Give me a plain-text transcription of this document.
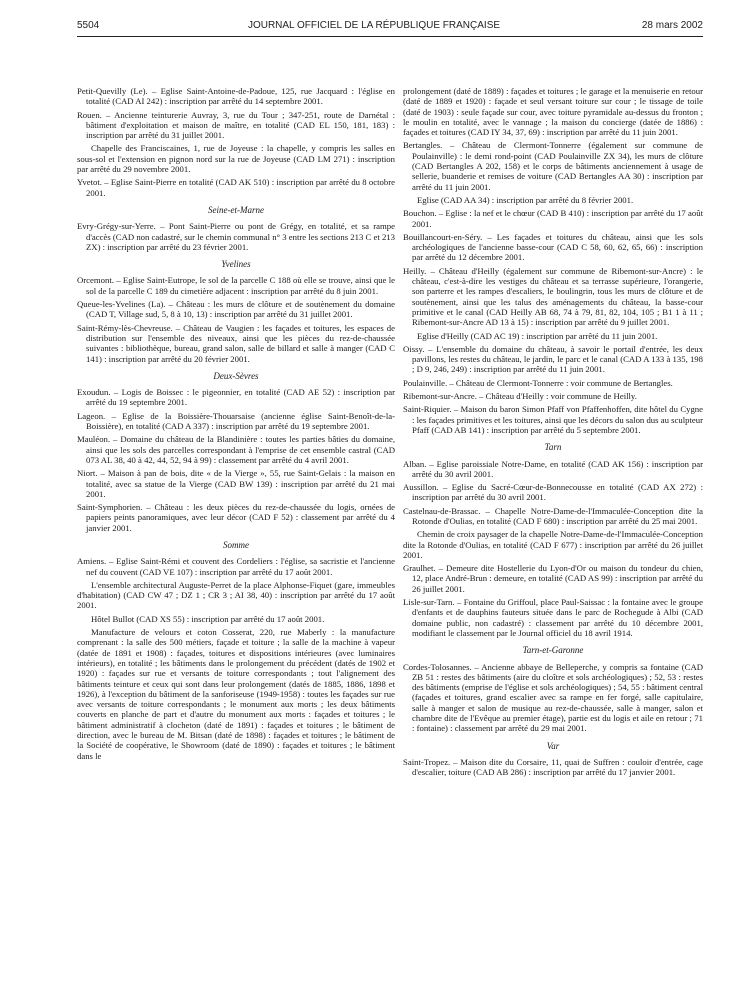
5504	JOURNAL OFFICIEL DE LA RÉPUBLIQUE FRANÇAISE	28 mars 2002

Petit-Quevilly (Le). – Eglise Saint-Antoine-de-Padoue, 125, rue Jacquard : l'église en totalité (CAD AI 242) : inscription par arrêté du 14 septembre 2001.

Rouen. – Ancienne teinturerie Auvray, 3, rue du Tour ; 347-251, route de Darnétal : bâtiment d'exploitation et maison de maître, en totalité (CAD EL 150, 181, 183) : inscription par arrêté du 31 juillet 2001.

Chapelle des Franciscaines, 1, rue de Joyeuse : la chapelle, y compris les salles en sous-sol et l'extension en pignon nord sur la rue de Joyeuse (CAD LM 271) : inscription par arrêté du 29 novembre 2001.

Yvetot. – Eglise Saint-Pierre en totalité (CAD AK 510) : inscription par arrêté du 8 octobre 2001.

Seine-et-Marne

Evry-Grégy-sur-Yerre. – Pont Saint-Pierre ou pont de Grégy, en totalité, et sa rampe d'accès (CAD non cadastré, sur le chemin communal n° 3 entre les sections 213 C et 213 ZX) : inscription par arrêté du 23 février 2001.

Yvelines

Orcemont. – Eglise Saint-Eutrope, le sol de la parcelle C 188 où elle se trouve, ainsi que le sol de la parcelle C 189 du cimetière adjacent : inscription par arrêté du 8 juin 2001.

Queue-les-Yvelines (La). – Château : les murs de clôture et de soutènement du domaine (CAD T, Village sud, 5, 8 à 10, 13) : inscription par arrêté du 31 juillet 2001.

Saint-Rémy-lès-Chevreuse. – Château de Vaugien : les façades et toitures, les espaces de distribution sur l'ensemble des niveaux, ainsi que les pièces du rez-de-chaussée suivantes : bibliothèque, bureau, grand salon, salle de billard et salle à manger (CAD C 141) : inscription par arrêté du 20 février 2001.

Deux-Sèvres

Exoudun. – Logis de Boissec : le pigeonnier, en totalité (CAD AE 52) : inscription par arrêté du 19 septembre 2001.

Lageon. – Eglise de la Boissière-Thouarsaise (ancienne église Saint-Benoît-de-la-Boissière), en totalité (CAD A 337) : inscription par arrêté du 19 septembre 2001.

Mauléon. – Domaine du château de la Blandinière : toutes les parties bâties du domaine, ainsi que les sols des parcelles correspondant à l'emprise de cet ensemble castral (CAD 073 AL 38, 40 à 42, 44, 52, 94 à 99) : classement par arrêté du 4 avril 2001.

Niort. – Maison à pan de bois, dite « de la Vierge », 55, rue Saint-Gelais : la maison en totalité, avec sa statue de la Vierge (CAD BW 139) : inscription par arrêté du 21 mai 2001.

Saint-Symphorien. – Château : les deux pièces du rez-de-chaussée du logis, ornées de papiers peints panoramiques, avec leur décor (CAD F 52) : classement par arrêté du 4 janvier 2001.

Somme

Amiens. – Eglise Saint-Rémi et couvent des Cordeliers : l'église, sa sacristie et l'ancienne nef du couvent (CAD VE 107) : inscription par arrêté du 17 août 2001.

L'ensemble architectural Auguste-Perret de la place Alphonse-Fiquet (gare, immeubles d'habitation) (CAD CW 47 ; DZ 1 ; CR 3 ; AI 38, 40) : inscription par arrêté du 17 août 2001.

Hôtel Bullot (CAD XS 55) : inscription par arrêté du 17 août 2001.

Manufacture de velours et coton Cosserat, 220, rue Maberly : la manufacture comprenant : la salle des 500 métiers, façade et toiture ; la salle de la machine à vapeur (datée de 1891 et 1908) : façades, toitures et dispositions intérieures (avec luminaires intérieurs), en totalité ; les bâtiments dans le prolongement du précédent (datés de 1902 et 1920) : façades sur rue et versants de toiture correspondants ; tout l'alignement des bâtiments teinture et ceux qui sont dans leur prolongement (datés de 1885, 1886, 1898 et 1926), à l'exception du bâtiment de la sanforiseuse (1949-1958) : toutes les façades sur rue avec versants de toiture correspondants ; le monument aux morts ; les deux bâtiments couverts en planche de part et d'autre du monument aux morts : façades et toitures ; le bâtiment administratif à clocheton (daté de 1891) : façades et toitures ; le bâtiment de direction, avec le bureau de M. Bitsan (daté de 1898) : façades et toitures ; le bâtiment de la Société de coopérative, le Showroom (daté de 1890) : façades et toitures ; le bâtiment dans le

prolongement (daté de 1889) : façades et toitures ; le garage et la menuiserie en retour (daté de 1889 et 1920) : façade et seul versant toiture sur cour ; le tissage de toile (daté de 1903) : seule façade sur cour, avec toiture pyramidale au-dessus du fronton ; le moulin en totalité, avec le vannage ; la maison du concierge (datée de 1886) : façades et toitures (CAD IY 34, 37, 69) : inscription par arrêté du 11 juin 2001.

Bertangles. – Château de Clermont-Tonnerre (également sur commune de Poulainville) : le demi rond-point (CAD Poulainville ZX 34), les murs de clôture (CAD Bertangles A 202, 158) et le corps de bâtiments anciennement à usage de sellerie, buanderie et remises de voiture (CAD Bertangles AA 30) : inscription par arrêté du 11 juin 2001.

Eglise (CAD AA 34) : inscription par arrêté du 8 février 2001.

Bouchon. – Eglise : la nef et le chœur (CAD B 410) : inscription par arrêté du 17 août 2001.

Bouillancourt-en-Séry. – Les façades et toitures du château, ainsi que les sols archéologiques de l'ancienne basse-cour (CAD C 58, 60, 62, 65, 66) : inscription par arrêté du 12 décembre 2001.

Heilly. – Château d'Heilly (également sur commune de Ribemont-sur-Ancre) : le château, c'est-à-dire les vestiges du château et sa terrasse supérieure, l'orangerie, son parterre et les rampes d'escaliers, le boulingrin, tous les murs de clôture et de soutènement, ainsi que les talus des aménagements du château, la basse-cour primitive et le canal (CAD Heilly AB 68, 74 à 79, 81, 82, 104, 105 ; B1 1 à 11 ; Ribemont-sur-Ancre AD 13 à 15) : inscription par arrêté du 9 juillet 2001.

Eglise d'Heilly (CAD AC 19) : inscription par arrêté du 11 juin 2001.

Oissy. – L'ensemble du domaine du château, à savoir le portail d'entrée, les deux pavillons, les restes du château, le jardin, le parc et le canal (CAD A 133 à 135, 198 ; D 9, 246, 249) : inscription par arrêté du 11 juin 2001.

Poulainville. – Château de Clermont-Tonnerre : voir commune de Bertangles.

Ribemont-sur-Ancre. – Château d'Heilly : voir commune de Heilly.

Saint-Riquier. – Maison du baron Simon Pfaff von Pfaffenhoffen, dite hôtel du Cygne : les façades primitives et les toitures, ainsi que les décors du salon dus au sculpteur Pfaff (CAD AB 141) : inscription par arrêté du 5 septembre 2001.

Tarn

Alban. – Eglise paroissiale Notre-Dame, en totalité (CAD AK 156) : inscription par arrêté du 30 avril 2001.

Aussillon. – Eglise du Sacré-Cœur-de-Bonnecousse en totalité (CAD AX 272) : inscription par arrêté du 30 avril 2001.

Castelnau-de-Brassac. – Chapelle Notre-Dame-de-l'Immaculée-Conception dite la Rotonde d'Oulias, en totalité (CAD F 680) : inscription par arrêté du 25 mai 2001.

Chemin de croix paysager de la chapelle Notre-Dame-de-l'Immaculée-Conception dite la Rotonde d'Oulias, en totalité (CAD F 677) : inscription par arrêté du 26 juillet 2001.

Graulhet. – Demeure dite Hostellerie du Lyon-d'Or ou maison du tondeur du chien, 12, place André-Brun : demeure, en totalité (CAD AS 99) : inscription par arrêté du 26 juillet 2001.

Lisle-sur-Tarn. – Fontaine du Griffoul, place Paul-Saissac : la fontaine avec le groupe d'enfants et de dauphins fauteurs située dans le parc de Rochegude à Albi (CAD domaine public, non cadastré) : classement par arrêté du 10 décembre 2001, modifiant le classement par le Journal officiel du 18 avril 1914.

Tarn-et-Garonne

Cordes-Tolosannes. – Ancienne abbaye de Belleperche, y compris sa fontaine (CAD ZB 51 : restes des bâtiments (aire du cloître et sols archéologiques) ; 52, 53 : restes des bâtiments (emprise de l'église et sols archéologiques) ; 54, 55 : bâtiment central (façades et toitures, grand escalier avec sa rampe en fer forgé, salle capitulaire, salle à manger et salon de musique au rez-de-chaussée, salle à manger, salon et chambre dite de l'Evêque au premier étage), partie est du logis et aile en retour ; 71 : fontaine) : classement par arrêté du 29 mai 2001.

Var

Saint-Tropez. – Maison dite du Corsaire, 11, quai de Suffren : couloir d'entrée, cage d'escalier, toiture (CAD AB 286) : inscription par arrêté du 17 janvier 2001.
